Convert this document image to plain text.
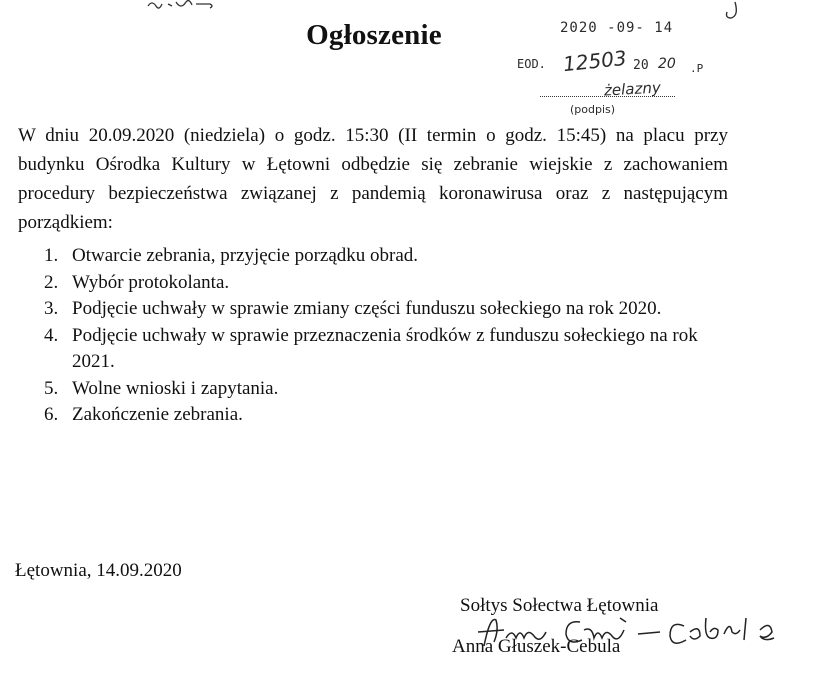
Ogłoszenie	2020 -09- 14
EOD. 12503 20 20 .P
żelazny
(podpis)
W dniu 20.09.2020 (niedziela) o godz. 15:30 (II termin o godz. 15:45) na placu przy budynku Ośrodka Kultury w Łętowni odbędzie się zebranie wiejskie z zachowaniem procedury bezpieczeństwa związanej z pandemią koronawirusa oraz z następującym porządkiem:
1. Otwarcie zebrania, przyjęcie porządku obrad.
2. Wybór protokolanta.
3. Podjęcie uchwały w sprawie zmiany części funduszu sołeckiego na rok 2020.
4. Podjęcie uchwały w sprawie przeznaczenia środków z funduszu sołeckiego na rok 2021.
5. Wolne wnioski i zapytania.
6. Zakończenie zebrania.
Łętownia, 14.09.2020
Sołtys Sołectwa Łętownia
Anna Głuszek-Cebula
